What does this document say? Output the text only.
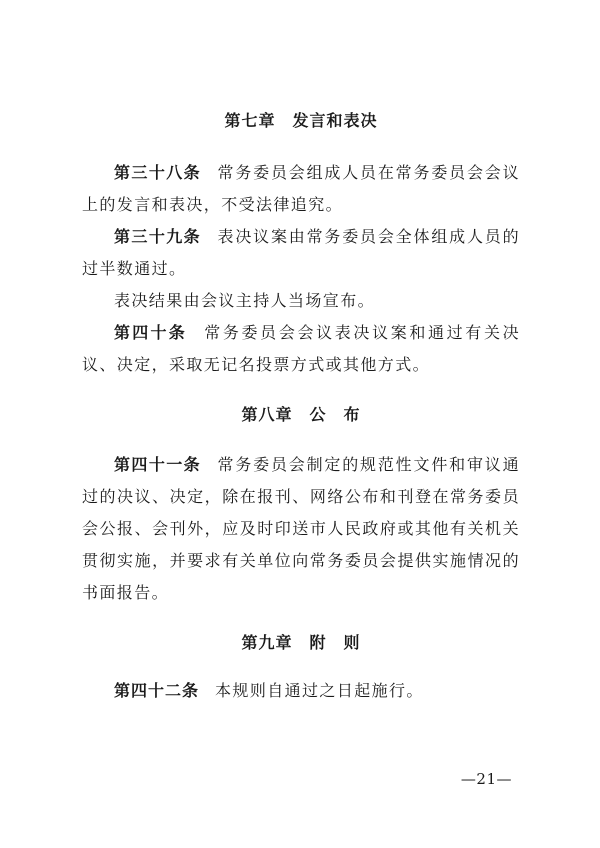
第七章　发言和表决

第三十八条 常务委员会组成人员在常务委员会会议上的发言和表决，不受法律追究。

第三十九条 表决议案由常务委员会全体组成人员的过半数通过。

表决结果由会议主持人当场宣布。

第四十条 常务委员会会议表决议案和通过有关决议、决定，采取无记名投票方式或其他方式。

第八章　公　布

第四十一条 常务委员会制定的规范性文件和审议通过的决议、决定，除在报刊、网络公布和刊登在常务委员会公报、会刊外，应及时印送市人民政府或其他有关机关贯彻实施，并要求有关单位向常务委员会提供实施情况的书面报告。

第九章　附　则

第四十二条 本规则自通过之日起施行。

—21—
